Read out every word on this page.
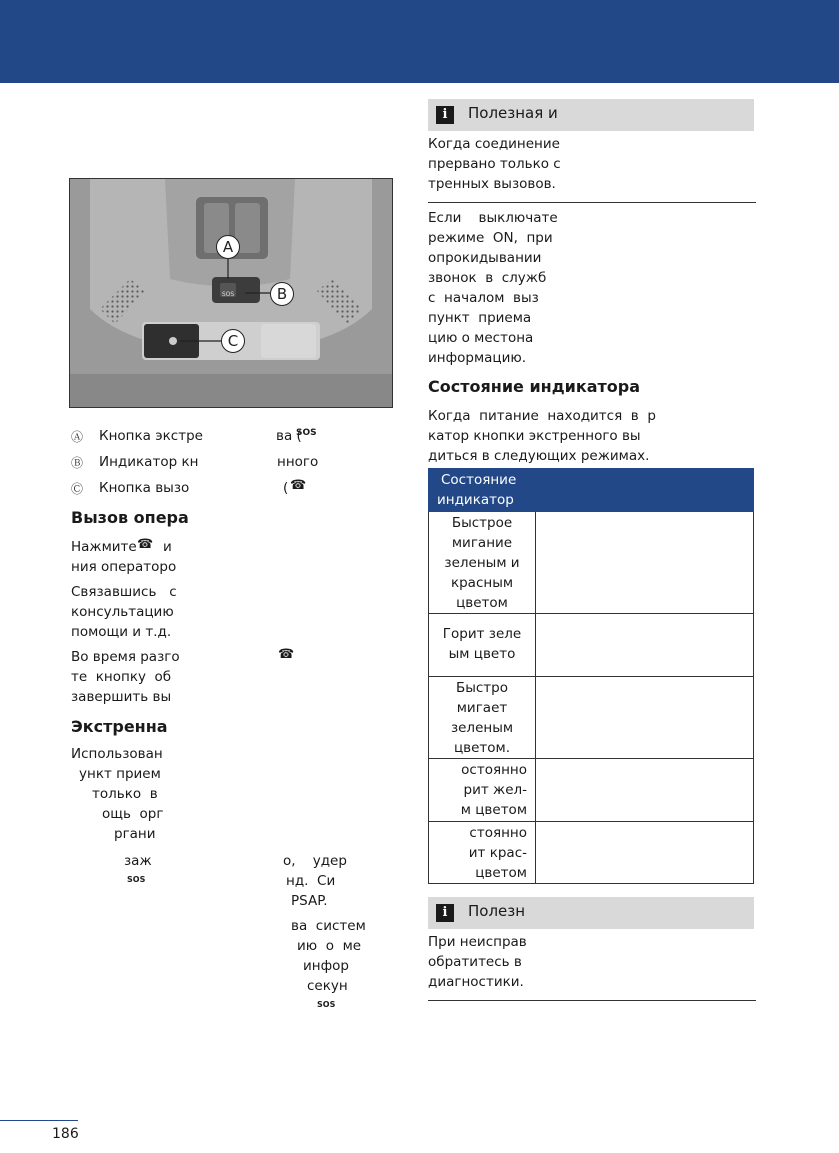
i	Полезная и
Когда соединение
прервано только с
тренных вызовов.
Если    выключате
режиме  ON,  при
опрокидывании
звонок  в  служб
с  началом  выз
пункт  приема
цию о местона
информацию.
Состояние индикатора
Когда  питание  находится  в  р
катор кнопки экстренного вы
диться в следующих режимах.
Состояние
индикатор	

Быстрое
мигание
зеленым и
красным
цветом	

Горит зеле
ым цвето	

Быстро
мигает
зеленым
цветом.	

остоянно
рит жел-
м цветом	

стоянно
ит крас-
цветом	

i	Полезн
При неисправ
обратитесь в
диагностики.
SOS
A
B
C
Ⓐ Кнопка экстре	ва (
SOS
Ⓑ Индикатор кн	нного
Ⓒ Кнопка вызо	( ☎
Вызов опера
Нажмите ☎ и
ния операторо
Связавшись   с
консультацию
помощи и т.д.
Во время разго	☎
те  кнопку  об
завершить вы
Экстренна
Использован
ункт прием
только  в
ощь  орг
ргани
заж
SOS
о,    удер
нд.  Си
PSAP.
ва  систем
ию  о  ме
инфор
секун
SOS
186
